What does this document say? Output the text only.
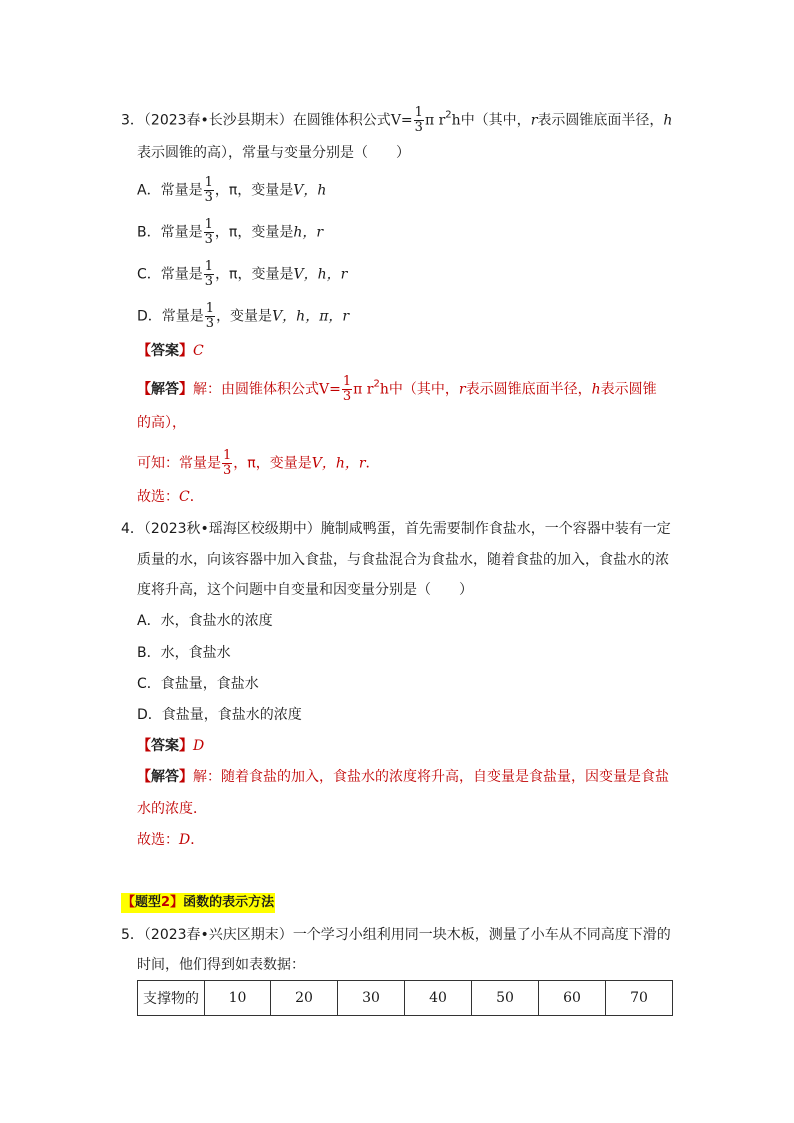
3．（2023春•长沙县期末）在圆锥体积公式$V= \frac{1}{3}$ π $r^2h$中（其中，r表示圆锥底面半径，h
表示圆锥的高），常量与变量分别是（　　）
A．常量是 $\frac{1}{3}$ ，π，变量是V，h
B．常量是 $\frac{1}{3}$ ，π，变量是h，r
C．常量是 $\frac{1}{3}$ ，π，变量是V，h，r
D．常量是 $\frac{1}{3}$ ，变量是V，h，π，r
【答案】C
【解答】解：由圆锥体积公式$V= \frac{1}{3}$ π $r^2h$中（其中，r表示圆锥底面半径，h表示圆锥
的高），
可知：常量是 $\frac{1}{3}$ ，π，变量是V，h，r．
故选：C．
4．（2023秋•瑶海区校级期中）腌制咸鸭蛋，首先需要制作食盐水，一个容器中装有一定
质量的水，向该容器中加入食盐，与食盐混合为食盐水，随着食盐的加入，食盐水的浓
度将升高，这个问题中自变量和因变量分别是（　　）
A．水，食盐水的浓度
B．水，食盐水
C．食盐量，食盐水
D．食盐量，食盐水的浓度
【答案】D
【解答】解：随着食盐的加入，食盐水的浓度将升高，自变量是食盐量，因变量是食盐
水的浓度．
故选：D．
【题型2】函数的表示方法
5．（2023春•兴庆区期末）一个学习小组利用同一块木板，测量了小车从不同高度下滑的
时间，他们得到如表数据：
支撑物的	10	20	30	40	50	60	70
